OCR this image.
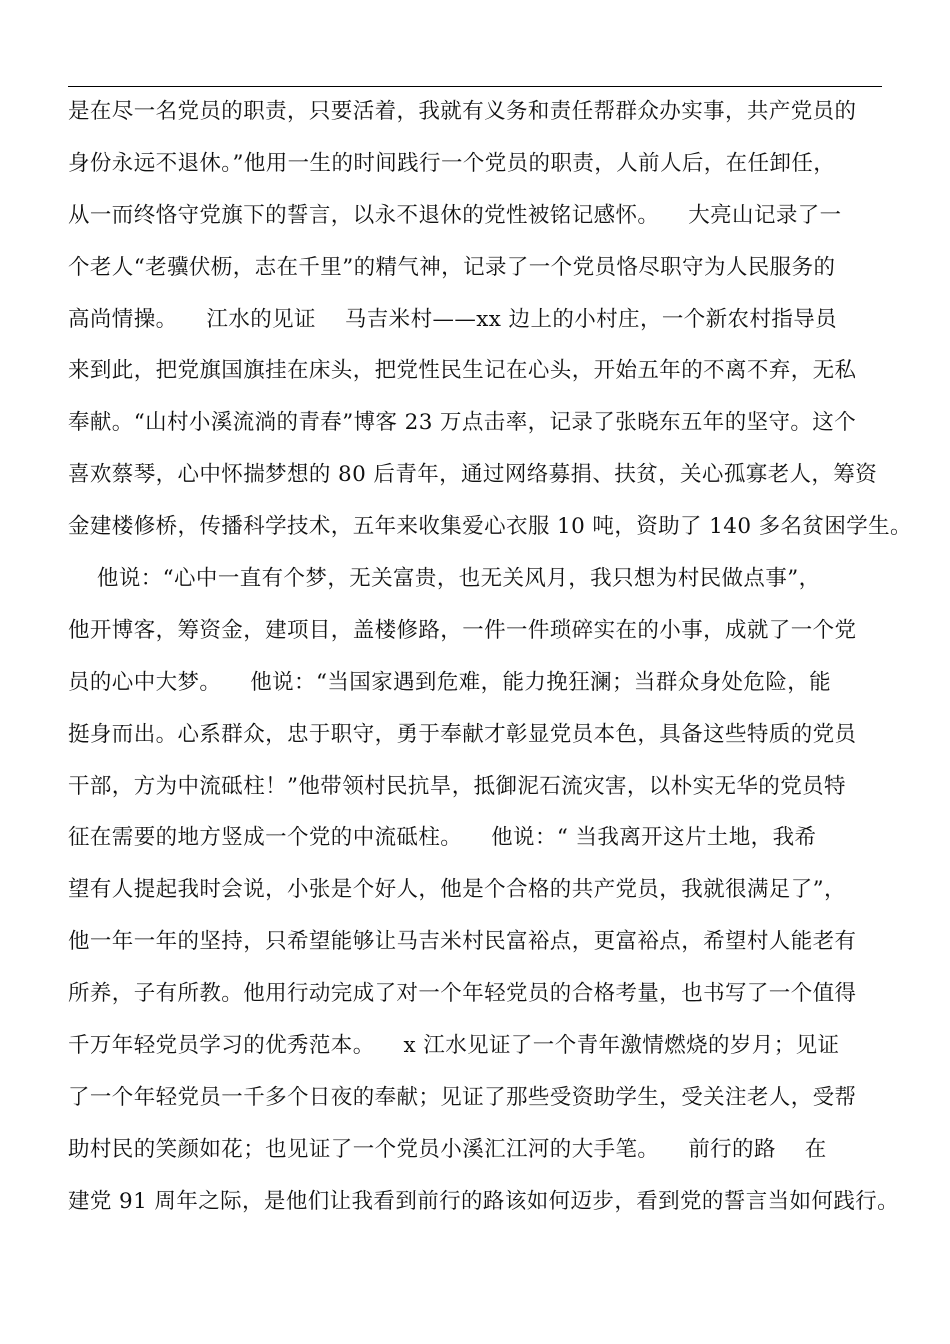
是在尽一名党员的职责，只要活着，我就有义务和责任帮群众办实事，共产党员的
身份永远不退休。”他用一生的时间践行一个党员的职责，人前人后，在任卸任，
从一而终恪守党旗下的誓言，以永不退休的党性被铭记感怀。    大亮山记录了一
个老人“老骥伏枥，志在千里”的精气神，记录了一个党员恪尽职守为人民服务的
高尚情操。    江水的见证    马吉米村——xx 边上的小村庄，一个新农村指导员
来到此，把党旗国旗挂在床头，把党性民生记在心头，开始五年的不离不弃，无私
奉献。“山村小溪流淌的青春”博客 23 万点击率，记录了张晓东五年的坚守。这个
喜欢蔡琴，心中怀揣梦想的 80 后青年，通过网络募捐、扶贫，关心孤寡老人，筹资
金建楼修桥，传播科学技术，五年来收集爱心衣服 10 吨，资助了 140 多名贫困学生。
他说：“心中一直有个梦，无关富贵，也无关风月，我只想为村民做点事”，
他开博客，筹资金，建项目，盖楼修路，一件一件琐碎实在的小事，成就了一个党
员的心中大梦。    他说：“当国家遇到危难，能力挽狂澜；当群众身处危险，能
挺身而出。心系群众，忠于职守，勇于奉献才彰显党员本色，具备这些特质的党员
干部，方为中流砥柱！”他带领村民抗旱，抵御泥石流灾害，以朴实无华的党员特
征在需要的地方竖成一个党的中流砥柱。    他说：“ 当我离开这片土地，我希
望有人提起我时会说，小张是个好人，他是个合格的共产党员，我就很满足了”，
他一年一年的坚持，只希望能够让马吉米村民富裕点，更富裕点，希望村人能老有
所养，子有所教。他用行动完成了对一个年轻党员的合格考量，也书写了一个值得
千万年轻党员学习的优秀范本。    x 江水见证了一个青年激情燃烧的岁月；见证
了一个年轻党员一千多个日夜的奉献；见证了那些受资助学生，受关注老人，受帮
助村民的笑颜如花；也见证了一个党员小溪汇江河的大手笔。    前行的路    在
建党 91 周年之际，是他们让我看到前行的路该如何迈步，看到党的誓言当如何践行。
